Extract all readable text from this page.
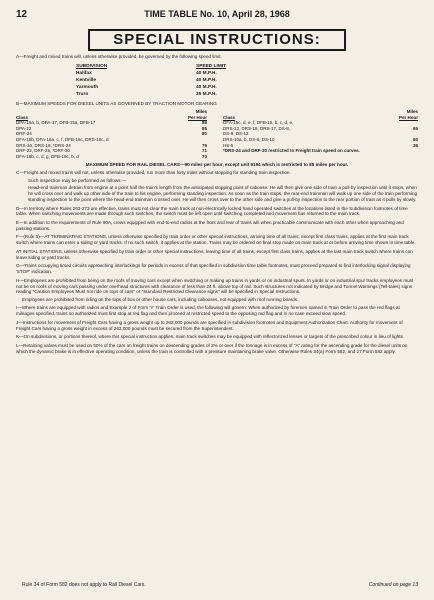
12	TIME TABLE No. 10, April 28, 1968
SPECIAL INSTRUCTIONS:

A—Freight and mixed trains will, unless otherwise provided, be governed by the following speed limit.

SUBDIVISION	SPEED LIMIT
Halifax	40 M.P.H.
Kentville	40 M.P.H.
Yarmouth	40 M.P.H.
Truro	35 M.P.H.

B—MAXIMUM SPEEDS FOR DIESEL UNITS AS GOVERNED BY TRACTION MOTOR GEARING

Class
Miles
Per Hour
DPA-15a, b, DPA-17, DFB-15a, DFB-17	89
DPA-22	85
DRF-24	80
DFA-15b, DFA-16a, c, f, DFB-16c, DRS-10c, d
DRS-16, DRS-18, *DRS-24	75
DRF-22, DRF-25, *DRF-30	71
DFA-16b, c, d, g, DFB-16c, b, d	70
Class
Miles
Per Hour
DFA-15c, d, e, f, DFB-15, b, c, d, e,
DRS-12, DRS-15, DRS-17, DS-8,	65
DS-9, DS-12
DRS-10a, b, DS-6, DS-10	60
HS-5	35
*DRS-24 and DRF-30 restricted to Freight train speed on curves.

MAXIMUM SPEED FOR RAIL DIESEL CARS—90 miles per hour, except unit 9194 which is restricted to 85 miles per hour.

C—Freight and mixed trains will not, unless otherwise provided, run more than forty miles without stopping for standing train inspection.

Such inspection may be performed as follows:—

Head-end trainman detrain from engine at a point half the train's length from the anticipated stopping point of caboose. He will then give one side of train a pull-by inspection until it stops, when he will cross over and walk up other side of the train to his engine, performing standing inspection. As soon as the train stops, the rear-end trainman will walk up one side of the train performing standing inspection to the point where the head-end trainman crossed over. He will then cross over to the other side and give a pull-by inspection to the rear portion of train as it pulls by slowly.

D—In territory where Rules 263-273 are effective, trains must not clear the main track at non-electrically locked hand operated switches at the locations listed in the Subdivision footnotes of time table. When switching movements are made through such switches, the switch must be left open until switching completed and movement has returned to the main track.

E—In addition to the requirements of Rule 90A, crews equipped with end-to-end radios at the front and rear of trains will when practicable communicate with each other when approaching and passing stations.

F—(Rule 5)—AT TERMINATING STATIONS, unless otherwise specified by train order or other special instructions, arriving time of all trains, except first class trains, applies at the first main track switch where trains can enter a siding or yard tracks. If no such switch, it applies at the station. Trains may be ordered on final stop made on main track at or before arriving time shown in time table.

AT INITIAL STATIONS, unless otherwise specified by train order or other special instructions, leaving time of all trains, except first class trains, applies at the last main track switch where trains can leave siding or yard tracks.

G—Trains occupying timed circuits approaching interlockings for periods in excess of that specified in subdivision time table footnotes, must proceed prepared to find interlocking signal displaying 'STOP' indication.

H—Employees are prohibited from being on the roofs of moving cars except when switching or making up trains in yards or on industrial spurs. In yards or on industrial spur tracks employees must not be on roofs of moving cars passing under overhead structures with clearance of less than 24 ft. above top of rail. Such structures not indicated by Bridge and Tunnel Warnings (Tell-tales) signs reading "Caution Employees Must not ride on tops of cars" or "Standard Restricted Clearance signs" will be specified in Special Instructions.

Employees are prohibited from riding on the tops of box or other house cars, including cabooses, not equipped with roof running boards.

I—Where trains are equipped with radios and Example 2 of Form 'Y' Train Order is used, the following will govern: When authorized by foremen named in Train Order to pass the red flags at mileages specified, trains so authorized must first stop at red flag and then proceed at restricted speed to the opposing red flag and in no case exceed slow speed.

J—Instructions for movement of Freight Cars having a gross weight up to 263,000 pounds are specified in subdivision footnotes and Equipment Authorization Chart. Authority for movement of Freight Cars having a gross weight in excess of 263,000 pounds must be secured from the Superintendent.

K—On subdivisions, or portions thereof, where this special instruction applies, main track switches may be equipped with reflectorized lenses or targets of the prescribed colour in lieu of lights.

L—Retaining valves must be used on 50% of the cars on freight trains on descending grades of 2% or over if the tonnage is in excess of "A" rating for the ascending grade for the diesel units on which the dynamic brake is in effective operating condition, unless the train is controlled with a pressure maintaining brake valve. Otherwise Rules 34(a) Form 582, and 27 Form 582 apply.

Rule 34 of Form 582 does not apply to Rail Diesel Cars.	Continued on page 13
